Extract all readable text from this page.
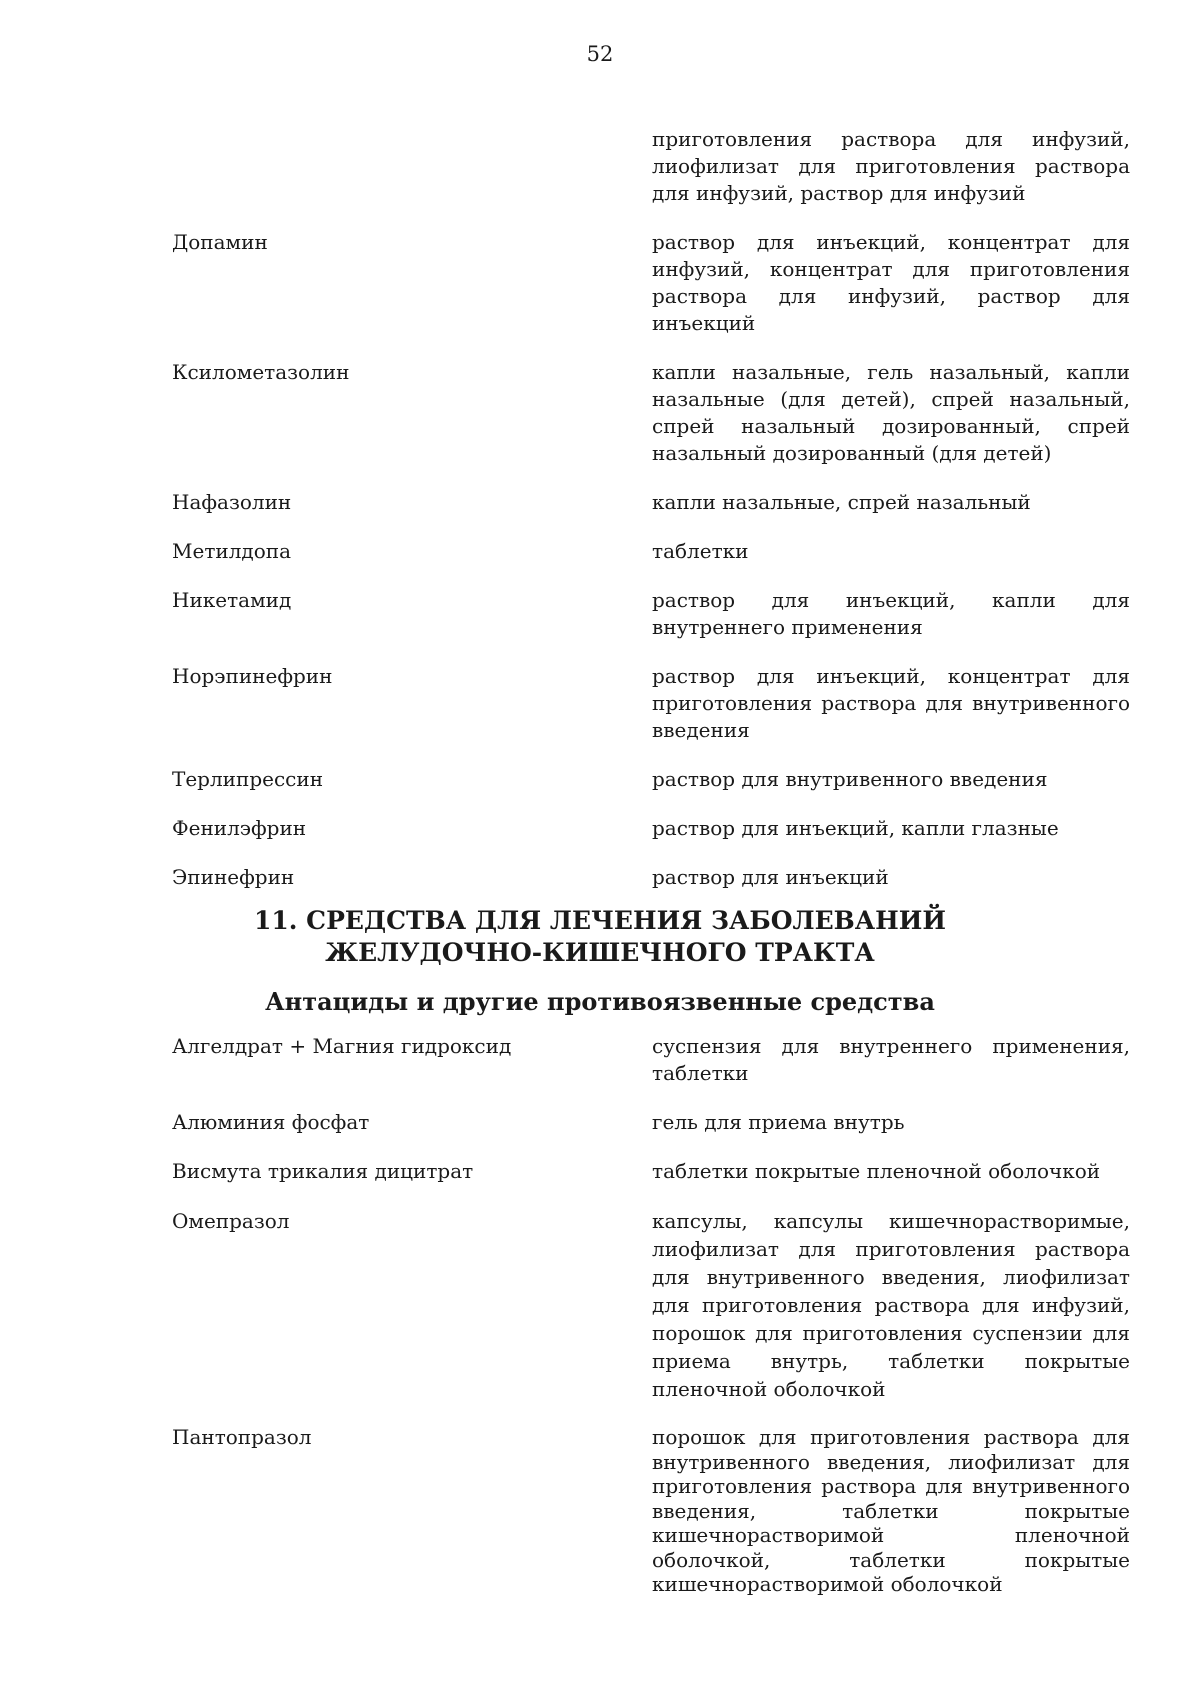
52
приготовления раствора для инфузий, лиофилизат для приготовления раствора для инфузий, раствор для инфузий
Допамин	раствор для инъекций, концентрат для инфузий, концентрат для приготовления раствора для инфузий, раствор для инъекций
Ксилометазолин	капли назальные, гель назальный, капли назальные (для детей), спрей назальный, спрей назальный дозированный, спрей назальный дозированный (для детей)
Нафазолин	капли назальные, спрей назальный
Метилдопа	таблетки
Никетамид	раствор для инъекций, капли для внутреннего применения
Норэпинефрин	раствор для инъекций, концентрат для приготовления раствора для внутривенного введения
Терлипрессин	раствор для внутривенного введения
Фенилэфрин	раствор для инъекций, капли глазные
Эпинефрин	раствор для инъекций
11. СРЕДСТВА ДЛЯ ЛЕЧЕНИЯ ЗАБОЛЕВАНИЙ
ЖЕЛУДОЧНО-КИШЕЧНОГО ТРАКТА
Антациды и другие противоязвенные средства
Алгелдрат + Магния гидроксид	суспензия для внутреннего применения, таблетки
Алюминия фосфат	гель для приема внутрь
Висмута трикалия дицитрат	таблетки покрытые пленочной оболочкой
Омепразол	капсулы, капсулы кишечнорастворимые, лиофилизат для приготовления раствора для внутривенного введения, лиофилизат для приготовления раствора для инфузий, порошок для приготовления суспензии для приема внутрь, таблетки покрытые пленочной оболочкой
Пантопразол	порошок для приготовления раствора для внутривенного введения, лиофилизат для приготовления раствора для внутривенного введения, таблетки покрытые кишечнорастворимой пленочной оболочкой, таблетки покрытые кишечнорастворимой оболочкой
